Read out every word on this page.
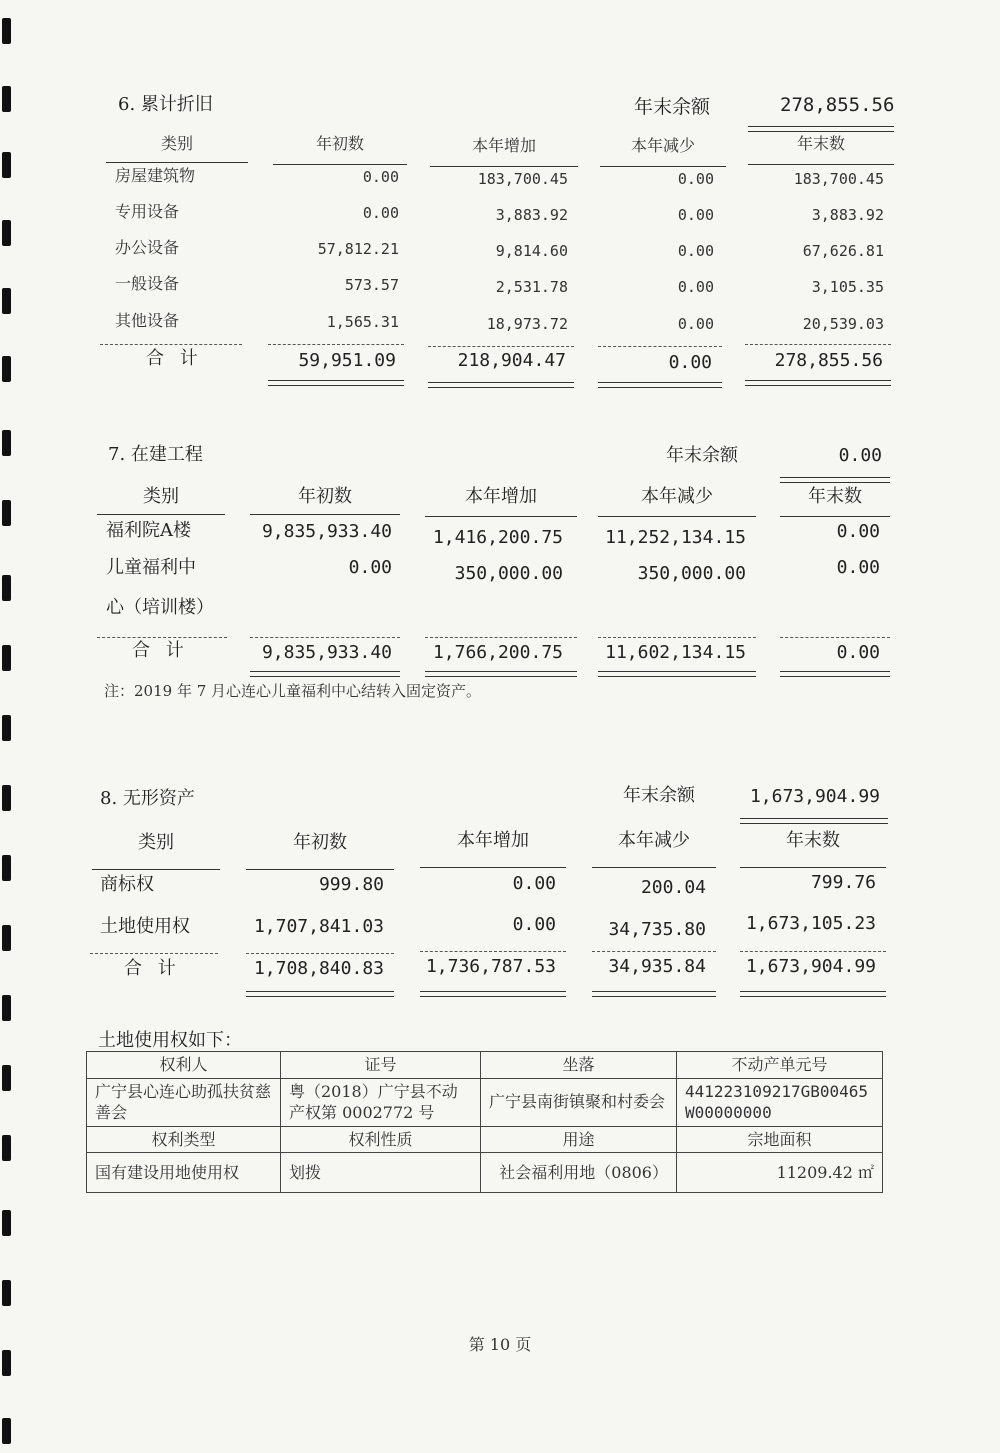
6. 累计折旧	年末余额	278,855.56
类别	年初数	本年增加	本年减少	年末数
房屋建筑物	0.00	183,700.45	0.00	183,700.45
专用设备	0.00	3,883.92	0.00	3,883.92
办公设备	57,812.21	9,814.60	0.00	67,626.81
一般设备	573.57	2,531.78	0.00	3,105.35
其他设备	1,565.31	18,973.72	0.00	20,539.03
合 计	59,951.09	218,904.47	0.00	278,855.56
7. 在建工程	年末余额	0.00
类别	年初数	本年增加	本年减少	年末数
福利院A楼	9,835,933.40	1,416,200.75	11,252,134.15	0.00
儿童福利中	0.00	350,000.00	350,000.00	0.00
心（培训楼）
合 计	9,835,933.40	1,766,200.75	11,602,134.15	0.00
注：2019 年 7 月心连心儿童福利中心结转入固定资产。
8. 无形资产	年末余额	1,673,904.99
类别	年初数	本年增加	本年减少	年末数
商标权	999.80	0.00	200.04	799.76
土地使用权	1,707,841.03	0.00	34,735.80	1,673,105.23
合 计	1,708,840.83	1,736,787.53	34,935.84	1,673,904.99
土地使用权如下：
权利人	证号	坐落	不动产单元号
广宁县心连心助孤扶贫慈善会	粤（2018）广宁县不动产权第 0002772 号	广宁县南街镇聚和村委会	441223109217GB00465W00000000
权利类型	权利性质	用途	宗地面积
国有建设用地使用权	划拨	社会福利用地（0806）	11209.42 ㎡
第 10 页
